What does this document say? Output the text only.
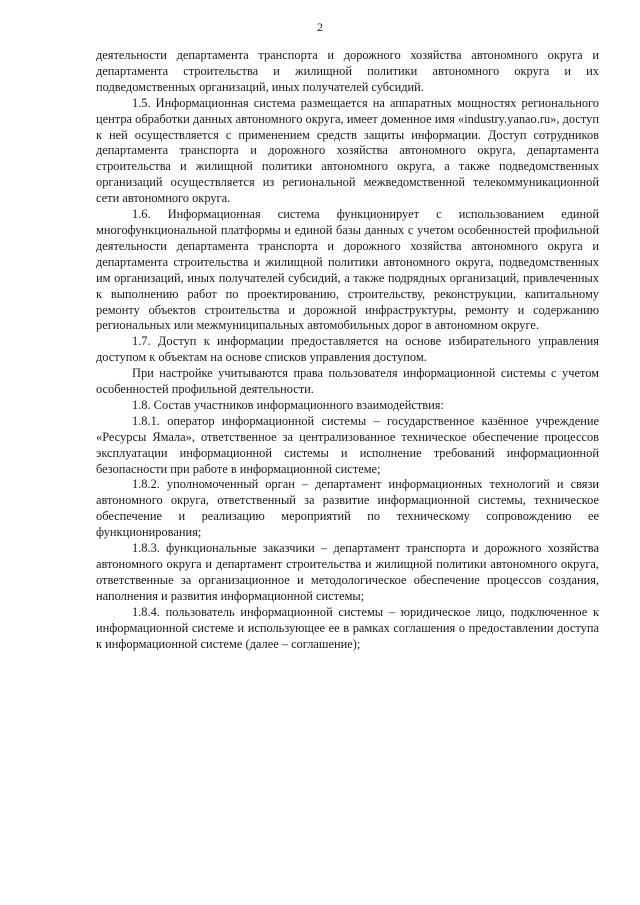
2

деятельности департамента транспорта и дорожного хозяйства автономного округа и департамента строительства и жилищной политики автономного округа и их подведомственных организаций, иных получателей субсидий.

1.5. Информационная система размещается на аппаратных мощностях регионального центра обработки данных автономного округа, имеет доменное имя «industry.yanao.ru», доступ к ней осуществляется с применением средств защиты информации. Доступ сотрудников департамента транспорта и дорожного хозяйства автономного округа, департамента строительства и жилищной политики автономного округа, а также подведомственных организаций осуществляется из региональной межведомственной телекоммуникационной сети автономного округа.

1.6. Информационная система функционирует с использованием единой многофункциональной платформы и единой базы данных с учетом особенностей профильной деятельности департамента транспорта и дорожного хозяйства автономного округа и департамента строительства и жилищной политики автономного округа, подведомственных им организаций, иных получателей субсидий, а также подрядных организаций, привлеченных к выполнению работ по проектированию, строительству, реконструкции, капитальному ремонту объектов строительства и дорожной инфраструктуры, ремонту и содержанию региональных или межмуниципальных автомобильных дорог в автономном округе.

1.7. Доступ к информации предоставляется на основе избирательного управления доступом к объектам на основе списков управления доступом.

При настройке учитываются права пользователя информационной системы с учетом особенностей профильной деятельности.

1.8. Состав участников информационного взаимодействия:

1.8.1. оператор информационной системы – государственное казённое учреждение «Ресурсы Ямала», ответственное за централизованное техническое обеспечение процессов эксплуатации информационной системы и исполнение требований информационной безопасности при работе в информационной системе;

1.8.2. уполномоченный орган – департамент информационных технологий и связи автономного округа, ответственный за развитие информационной системы, техническое обеспечение и реализацию мероприятий по техническому сопровождению ее функционирования;

1.8.3. функциональные заказчики – департамент транспорта и дорожного хозяйства автономного округа и департамент строительства и жилищной политики автономного округа, ответственные за организационное и методологическое обеспечение процессов создания, наполнения и развития информационной системы;

1.8.4. пользователь информационной системы – юридическое лицо, подключенное к информационной системе и использующее ее в рамках соглашения о предоставлении доступа к информационной системе (далее – соглашение);
